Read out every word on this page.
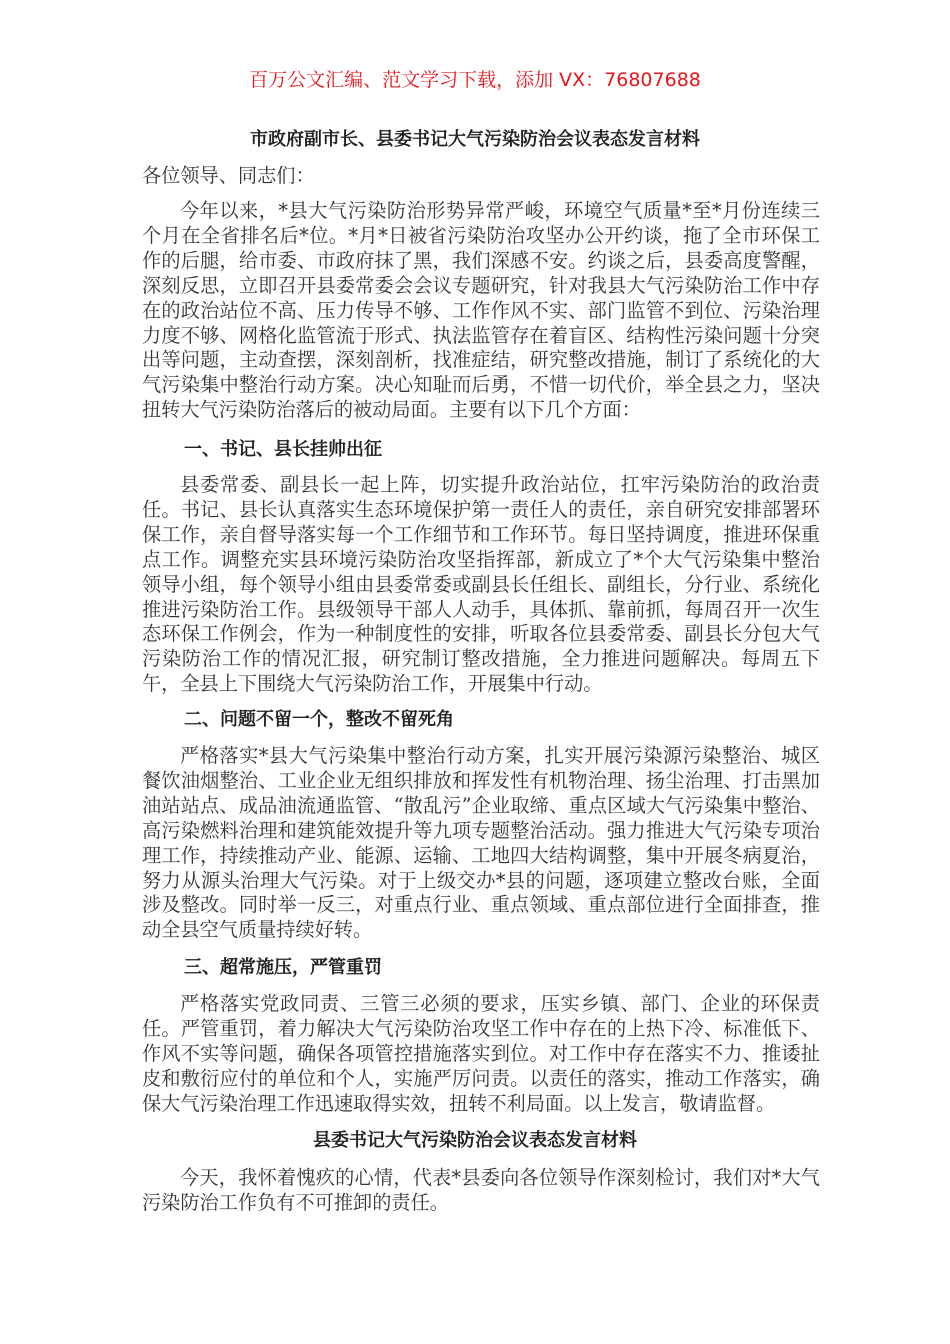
百万公文汇编、范文学习下载，添加 VX：76807688
市政府副市长、县委书记大气污染防治会议表态发言材料

各位领导、同志们：

今年以来，*县大气污染防治形势异常严峻，环境空气质量*至*月份连续三个月在全省排名后*位。*月*日被省污染防治攻坚办公开约谈，拖了全市环保工作的后腿，给市委、市政府抹了黑，我们深感不安。约谈之后，县委高度警醒，深刻反思，立即召开县委常委会会议专题研究，针对我县大气污染防治工作中存在的政治站位不高、压力传导不够、工作作风不实、部门监管不到位、污染治理力度不够、网格化监管流于形式、执法监管存在着盲区、结构性污染问题十分突出等问题，主动查摆，深刻剖析，找准症结，研究整改措施，制订了系统化的大气污染集中整治行动方案。决心知耻而后勇，不惜一切代价，举全县之力，坚决扭转大气污染防治落后的被动局面。主要有以下几个方面：

一、书记、县长挂帅出征

县委常委、副县长一起上阵，切实提升政治站位，扛牢污染防治的政治责任。书记、县长认真落实生态环境保护第一责任人的责任，亲自研究安排部署环保工作，亲自督导落实每一个工作细节和工作环节。每日坚持调度，推进环保重点工作。调整充实县环境污染防治攻坚指挥部，新成立了*个大气污染集中整治领导小组，每个领导小组由县委常委或副县长任组长、副组长，分行业、系统化推进污染防治工作。县级领导干部人人动手，具体抓、靠前抓，每周召开一次生态环保工作例会，作为一种制度性的安排，听取各位县委常委、副县长分包大气污染防治工作的情况汇报，研究制订整改措施，全力推进问题解决。每周五下午，全县上下围绕大气污染防治工作，开展集中行动。

二、问题不留一个，整改不留死角

严格落实*县大气污染集中整治行动方案，扎实开展污染源污染整治、城区餐饮油烟整治、工业企业无组织排放和挥发性有机物治理、扬尘治理、打击黑加油站站点、成品油流通监管、“散乱污”企业取缔、重点区域大气污染集中整治、高污染燃料治理和建筑能效提升等九项专题整治活动。强力推进大气污染专项治理工作，持续推动产业、能源、运输、工地四大结构调整，集中开展冬病夏治，努力从源头治理大气污染。对于上级交办*县的问题，逐项建立整改台账，全面涉及整改。同时举一反三，对重点行业、重点领域、重点部位进行全面排查，推动全县空气质量持续好转。

三、超常施压，严管重罚

严格落实党政同责、三管三必须的要求，压实乡镇、部门、企业的环保责任。严管重罚，着力解决大气污染防治攻坚工作中存在的上热下冷、标准低下、作风不实等问题，确保各项管控措施落实到位。对工作中存在落实不力、推诿扯皮和敷衍应付的单位和个人，实施严厉问责。以责任的落实，推动工作落实，确保大气污染治理工作迅速取得实效，扭转不利局面。以上发言，敬请监督。

县委书记大气污染防治会议表态发言材料

今天，我怀着愧疚的心情，代表*县委向各位领导作深刻检讨，我们对*大气污染防治工作负有不可推卸的责任。
